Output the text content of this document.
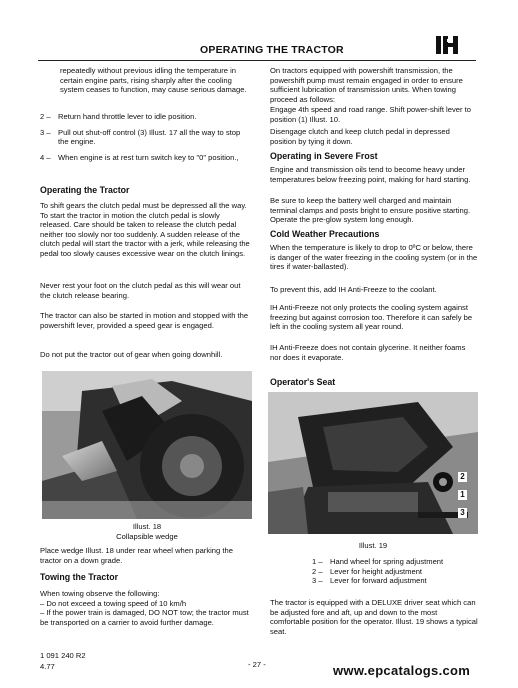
OPERATING THE TRACTOR
repeatedly without previous idling the temperature in certain engine parts, rising sharply after the cooling system ceases to function, may cause serious damage.
2 – Return hand throttle lever to idle position.
3 – Pull out shut-off control (3) Illust. 17 all the way to stop the engine.
4 – When engine is at rest turn switch key to "0" position.,
Operating the Tractor
To shift gears the clutch pedal must be depressed all the way. To start the tractor in motion the clutch pedal is slowly released. Care should be taken to release the clutch pedal neither too slowly nor too suddenly. A sudden release of the clutch pedal will start the tractor with a jerk, while releasing the pedal too slowly causes excessive wear on the clutch linings.
Never rest your foot on the clutch pedal as this will wear out the clutch release bearing.
The tractor can also be started in motion and stopped with the powershift lever, provided a speed gear is engaged.
Do not put the tractor out of gear when going downhill.
Illust. 18
Collapsible wedge
Place wedge Illust. 18 under rear wheel when parking the tractor on a down grade.
Towing the Tractor

When towing observe the following:

– Do not exceed a towing speed of 10 km/h

– If the power train is damaged, DO NOT tow; the tractor must be transported on a carrier to avoid further damage.

On tractors equipped with powershift transmission, the powershift pump must remain engaged in order to ensure sufficient lubrication of transmission units. When towing proceed as follows:
Engage 4th speed and road range. Shift power-shift lever to position (1) Illust. 10.
Disengage clutch and keep clutch pedal in depressed position by tying it down.
Operating in Severe Frost
Engine and transmission oils tend to become heavy under temperatures below freezing point, making for hard starting.
Be sure to keep the battery well charged and maintain terminal clamps and posts bright to ensure positive starting. Operate the pre-glow system long enough.
Cold Weather Precautions
When the temperature is likely to drop to 0ºC or below, there is danger of the water freezing in the cooling system (or in the tires if water-ballasted).
To prevent this, add IH Anti-Freeze to the coolant.
IH Anti-Freeze not only protects the cooling system against freezing but against corrosion too. Therefore it can safely be left in the cooling system all year round.
IH Anti-Freeze does not contain glycerine. It neither foams nor does it evaporate.
Operator's Seat
2
1
3
Illust. 19
1 – Hand wheel for spring adjustment
2 – Lever for height adjustment
3 – Lever for forward adjustment
The tractor is equipped with a DELUXE driver seat which can be adjusted fore and aft, up and down to the most comfortable position for the operator. Illust. 19 shows a typical seat.
1 091 240 R2
4.77	- 27 -	www.epcatalogs.com
